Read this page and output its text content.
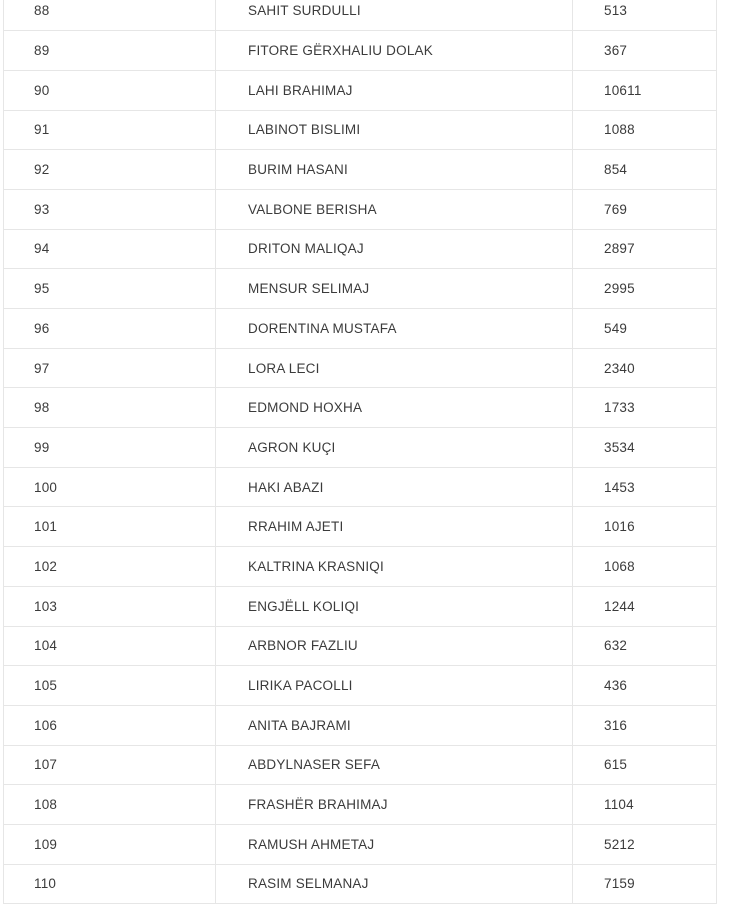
88	SAHIT SURDULLI	513
89	FITORE GËRXHALIU DOLAK	367
90	LAHI BRAHIMAJ	10611
91	LABINOT BISLIMI	1088
92	BURIM HASANI	854
93	VALBONE BERISHA	769
94	DRITON MALIQAJ	2897
95	MENSUR SELIMAJ	2995
96	DORENTINA MUSTAFA	549
97	LORA LECI	2340
98	EDMOND HOXHA	1733
99	AGRON KUÇI	3534
100	HAKI ABAZI	1453
101	RRAHIM AJETI	1016
102	KALTRINA KRASNIQI	1068
103	ENGJËLL KOLIQI	1244
104	ARBNOR FAZLIU	632
105	LIRIKA PACOLLI	436
106	ANITA BAJRAMI	316
107	ABDYLNASER SEFA	615
108	FRASHËR BRAHIMAJ	1104
109	RAMUSH AHMETAJ	5212
110	RASIM SELMANAJ	7159
